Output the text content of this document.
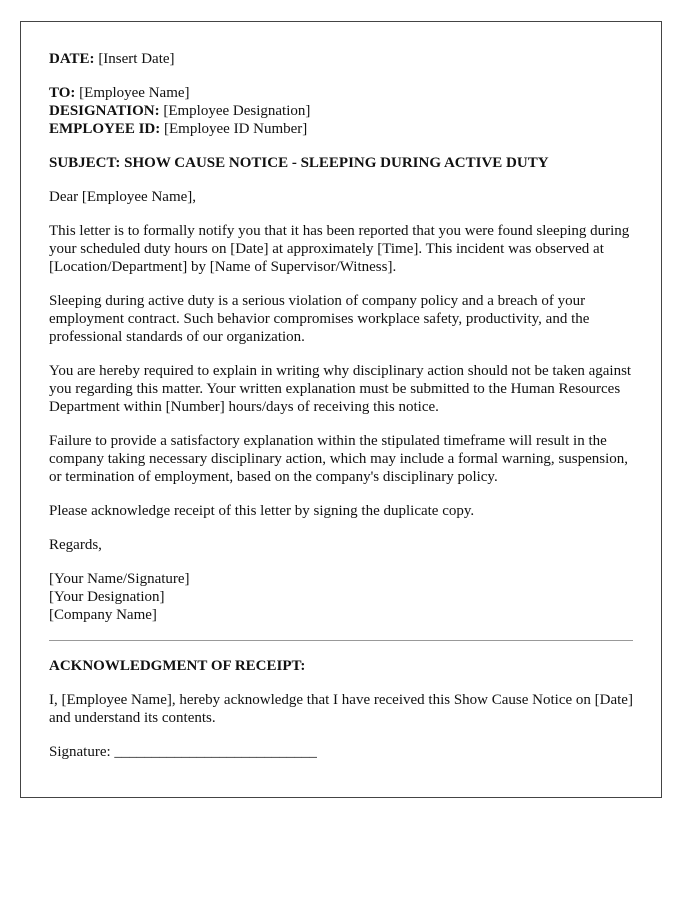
DATE: [Insert Date]

TO: [Employee Name]
DESIGNATION: [Employee Designation]
EMPLOYEE ID: [Employee ID Number]

SUBJECT: SHOW CAUSE NOTICE - SLEEPING DURING ACTIVE DUTY

Dear [Employee Name],

This letter is to formally notify you that it has been reported that you were found sleeping during your scheduled duty hours on [Date] at approximately [Time]. This incident was observed at [Location/Department] by [Name of Supervisor/Witness].

Sleeping during active duty is a serious violation of company policy and a breach of your employment contract. Such behavior compromises workplace safety, productivity, and the professional standards of our organization.

You are hereby required to explain in writing why disciplinary action should not be taken against you regarding this matter. Your written explanation must be submitted to the Human Resources Department within [Number] hours/days of receiving this notice.

Failure to provide a satisfactory explanation within the stipulated timeframe will result in the company taking necessary disciplinary action, which may include a formal warning, suspension, or termination of employment, based on the company's disciplinary policy.

Please acknowledge receipt of this letter by signing the duplicate copy.

Regards,

[Your Name/Signature]
[Your Designation]
[Company Name]

ACKNOWLEDGMENT OF RECEIPT:

I, [Employee Name], hereby acknowledge that I have received this Show Cause Notice on [Date] and understand its contents.

Signature: ___________________________
